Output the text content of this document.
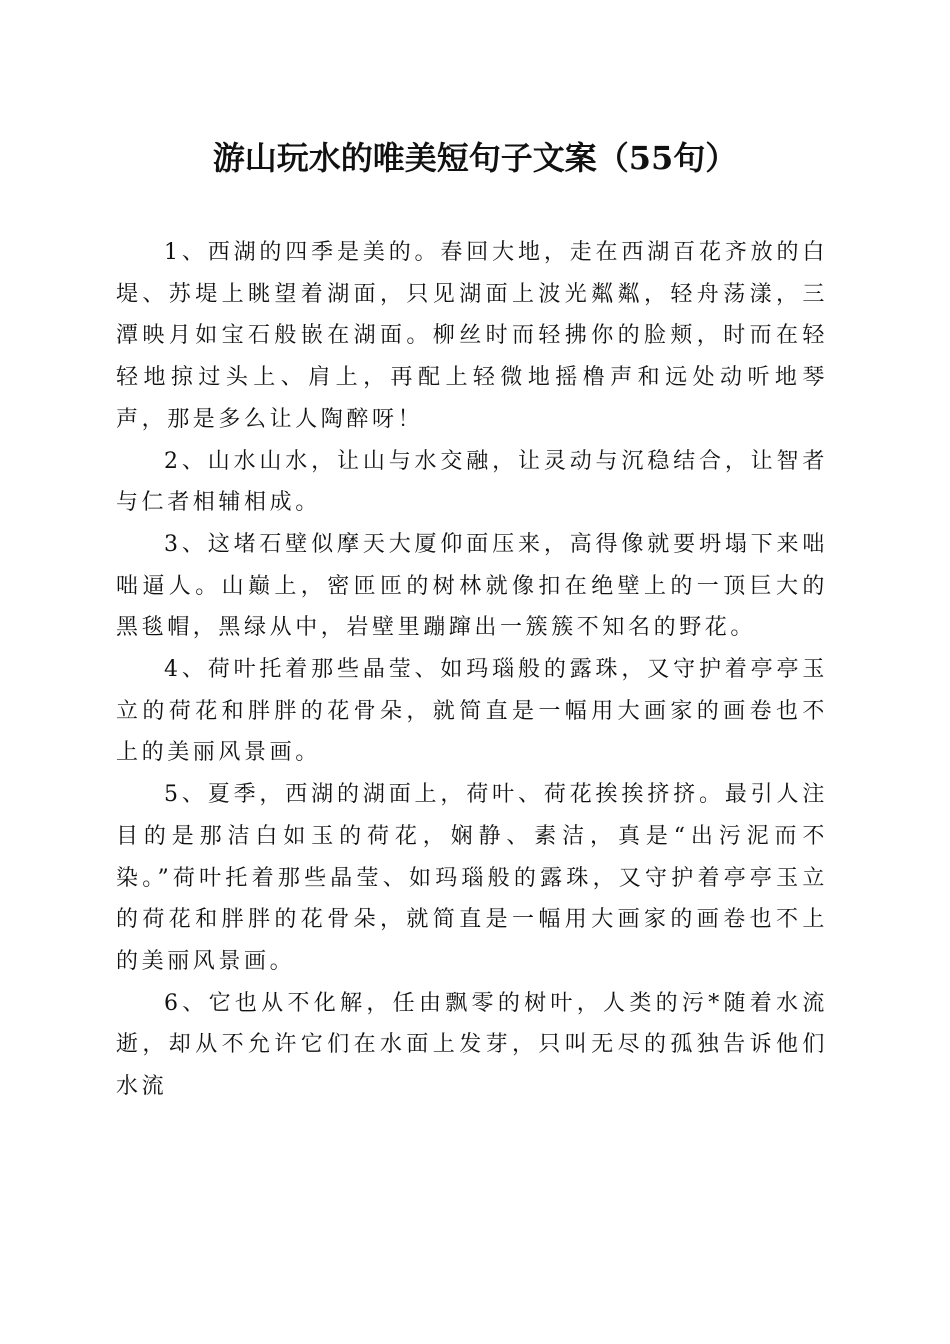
游山玩水的唯美短句子文案（55句）

1、西湖的四季是美的。春回大地，走在西湖百花齐放的白堤、苏堤上眺望着湖面，只见湖面上波光粼粼，轻舟荡漾，三潭映月如宝石般嵌在湖面。柳丝时而轻拂你的脸颊，时而在轻轻地掠过头上、肩上，再配上轻微地摇橹声和远处动听地琴声，那是多么让人陶醉呀！

2、山水山水，让山与水交融，让灵动与沉稳结合，让智者与仁者相辅相成。

3、这堵石壁似摩天大厦仰面压来，高得像就要坍塌下来咄咄逼人。山巅上，密匝匝的树林就像扣在绝壁上的一顶巨大的黑毯帽，黑绿从中，岩壁里蹦蹿出一簇簇不知名的野花。

4、荷叶托着那些晶莹、如玛瑙般的露珠，又守护着亭亭玉立的荷花和胖胖的花骨朵，就简直是一幅用大画家的画卷也不上的美丽风景画。

5、夏季，西湖的湖面上，荷叶、荷花挨挨挤挤。最引人注目的是那洁白如玉的荷花，娴静、素洁，真是“出污泥而不染。”荷叶托着那些晶莹、如玛瑙般的露珠，又守护着亭亭玉立的荷花和胖胖的花骨朵，就简直是一幅用大画家的画卷也不上的美丽风景画。

6、它也从不化解，任由飘零的树叶，人类的污*随着水流逝，却从不允许它们在水面上发芽，只叫无尽的孤独告诉他们水流
